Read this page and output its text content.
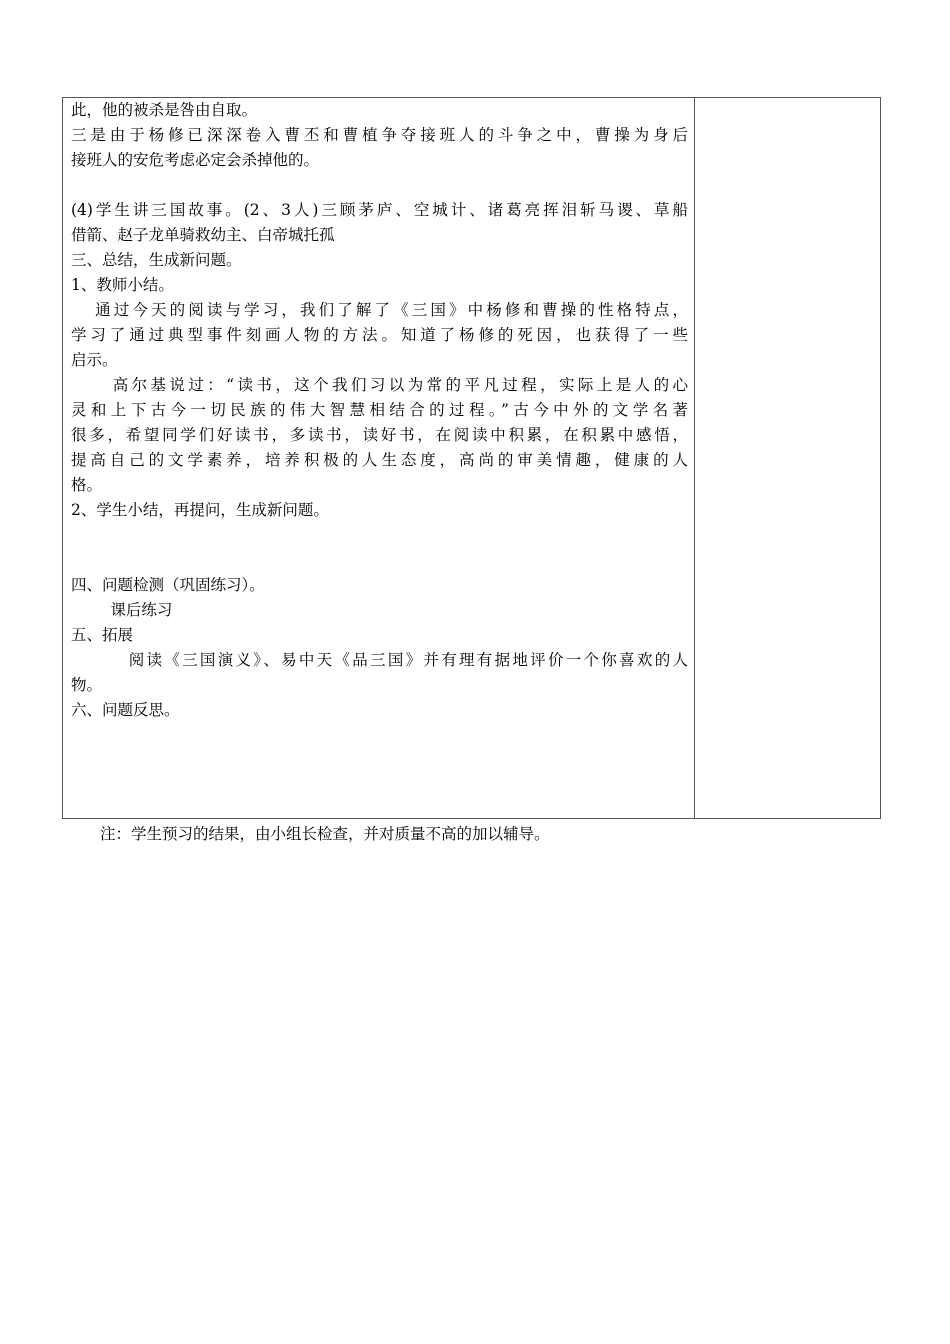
此，他的被杀是咎由自取。

三是由于杨修已深深卷入曹丕和曹植争夺接班人的斗争之中，曹操为身后

接班人的安危考虑必定会杀掉他的。

(4)学生讲三国故事。(2、3人)三顾茅庐、空城计、诸葛亮挥泪斩马谡、草船

借箭、赵子龙单骑救幼主、白帝城托孤

三、总结，生成新问题。

1、教师小结。

通过今天的阅读与学习，我们了解了《三国》中杨修和曹操的性格特点，

学习了通过典型事件刻画人物的方法。知道了杨修的死因，也获得了一些

启示。

高尔基说过：“读书，这个我们习以为常的平凡过程，实际上是人的心

灵和上下古今一切民族的伟大智慧相结合的过程。”古今中外的文学名著

很多，希望同学们好读书，多读书，读好书，在阅读中积累，在积累中感悟，

提高自己的文学素养，培养积极的人生态度，高尚的审美情趣，健康的人

格。

2、学生小结，再提问，生成新问题。

四、问题检测（巩固练习）。

课后练习

五、拓展

阅读《三国演义》、易中天《品三国》并有理有据地评价一个你喜欢的人

物。

六、问题反思。

注：学生预习的结果，由小组长检查，并对质量不高的加以辅导。
